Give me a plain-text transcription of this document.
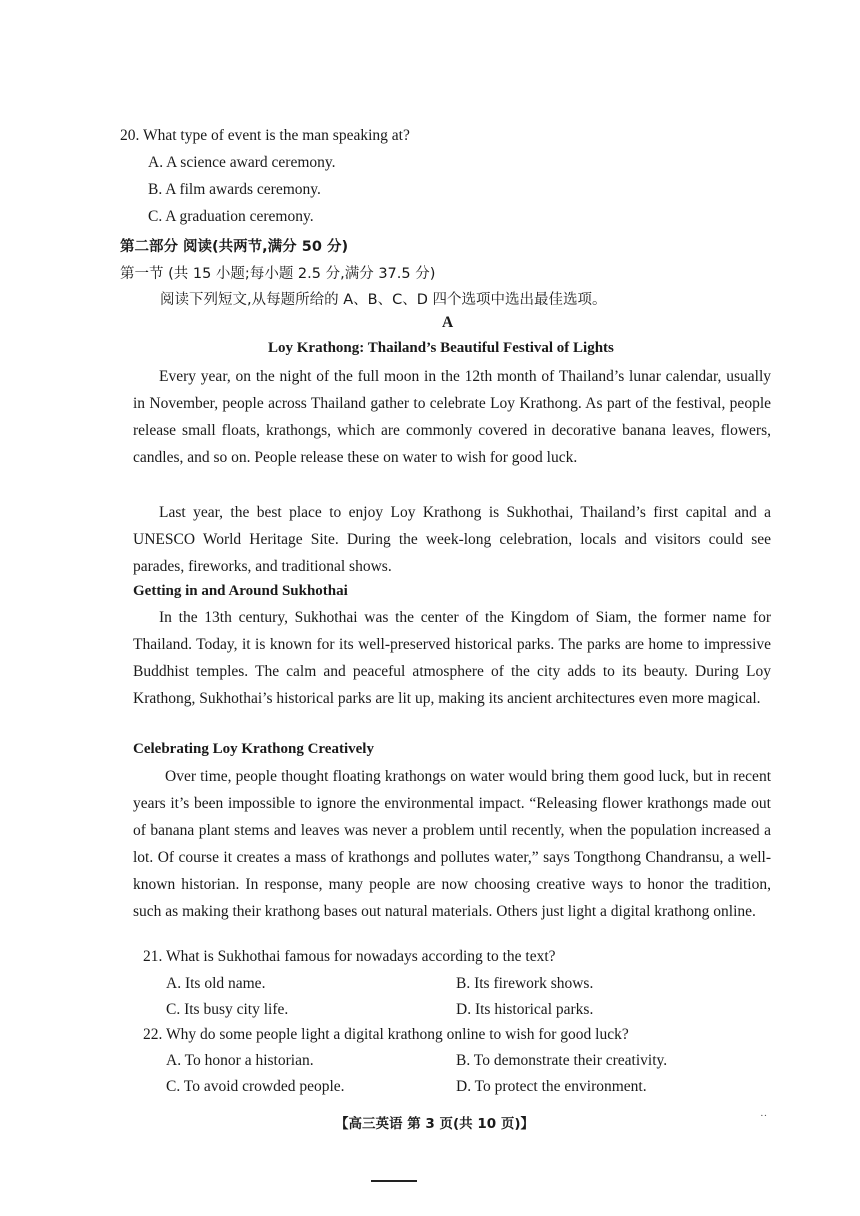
20. What type of event is the man speaking at?
A. A science award ceremony.
B. A film awards ceremony.
C. A graduation ceremony.
第二部分 阅读(共两节,满分 50 分)
第一节 (共 15 小题;每小题 2.5 分,满分 37.5 分)
阅读下列短文,从每题所给的 A、B、C、D 四个选项中选出最佳选项。
A
Loy Krathong: Thailand’s Beautiful Festival of Lights
Every year, on the night of the full moon in the 12th month of Thailand’s lunar calendar, usually in November, people across Thailand gather to celebrate Loy Krathong. As part of the festival, people release small floats, krathongs, which are commonly covered in decorative banana leaves, flowers, candles, and so on. People release these on water to wish for good luck.
Last year, the best place to enjoy Loy Krathong is Sukhothai, Thailand’s first capital and a UNESCO World Heritage Site. During the week-long celebration, locals and visitors could see parades, fireworks, and traditional shows.
Getting in and Around Sukhothai
In the 13th century, Sukhothai was the center of the Kingdom of Siam, the former name for Thailand. Today, it is known for its well-preserved historical parks. The parks are home to impressive Buddhist temples. The calm and peaceful atmosphere of the city adds to its beauty. During Loy Krathong, Sukhothai’s historical parks are lit up, making its ancient architectures even more magical.
Celebrating Loy Krathong Creatively
Over time, people thought floating krathongs on water would bring them good luck, but in recent years it’s been impossible to ignore the environmental impact. “Releasing flower krathongs made out of banana plant stems and leaves was never a problem until recently, when the population increased a lot. Of course it creates a mass of krathongs and pollutes water,” says Tongthong Chandransu, a well-known historian. In response, many people are now choosing creative ways to honor the tradition, such as making their krathong bases out natural materials. Others just light a digital krathong online.
21. What is Sukhothai famous for nowadays according to the text?
A. Its old name.	B. Its firework shows.
C. Its busy city life.	D. Its historical parks.
22. Why do some people light a digital krathong online to wish for good luck?
A. To honor a historian.	B. To demonstrate their creativity.
C. To avoid crowded people.	D. To protect the environment.
【高三英语 第 3 页(共 10 页)】	··
